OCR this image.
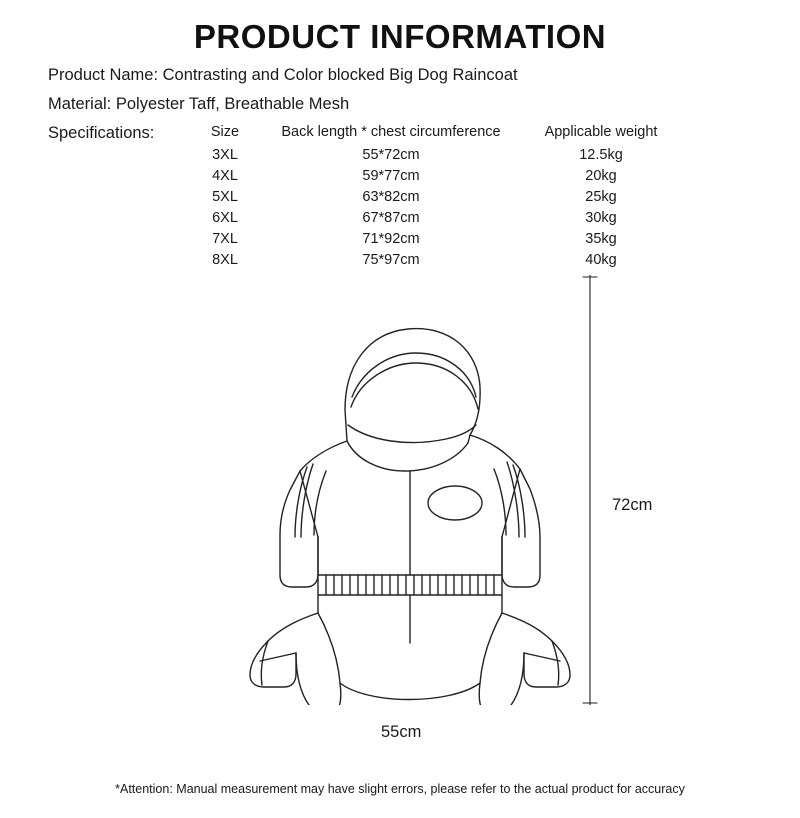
PRODUCT INFORMATION
Product Name: Contrasting and Color blocked Big Dog Raincoat
Material: Polyester Taff, Breathable Mesh
Specifications:	Size	Back length * chest circumference	Applicable weight
3XL	55*72cm	12.5kg
4XL	59*77cm	20kg
5XL	63*82cm	25kg
6XL	67*87cm	30kg
7XL	71*92cm	35kg
8XL	75*97cm	40kg
72cm
55cm
*Attention: Manual measurement may have slight errors, please refer to the actual product for accuracy
